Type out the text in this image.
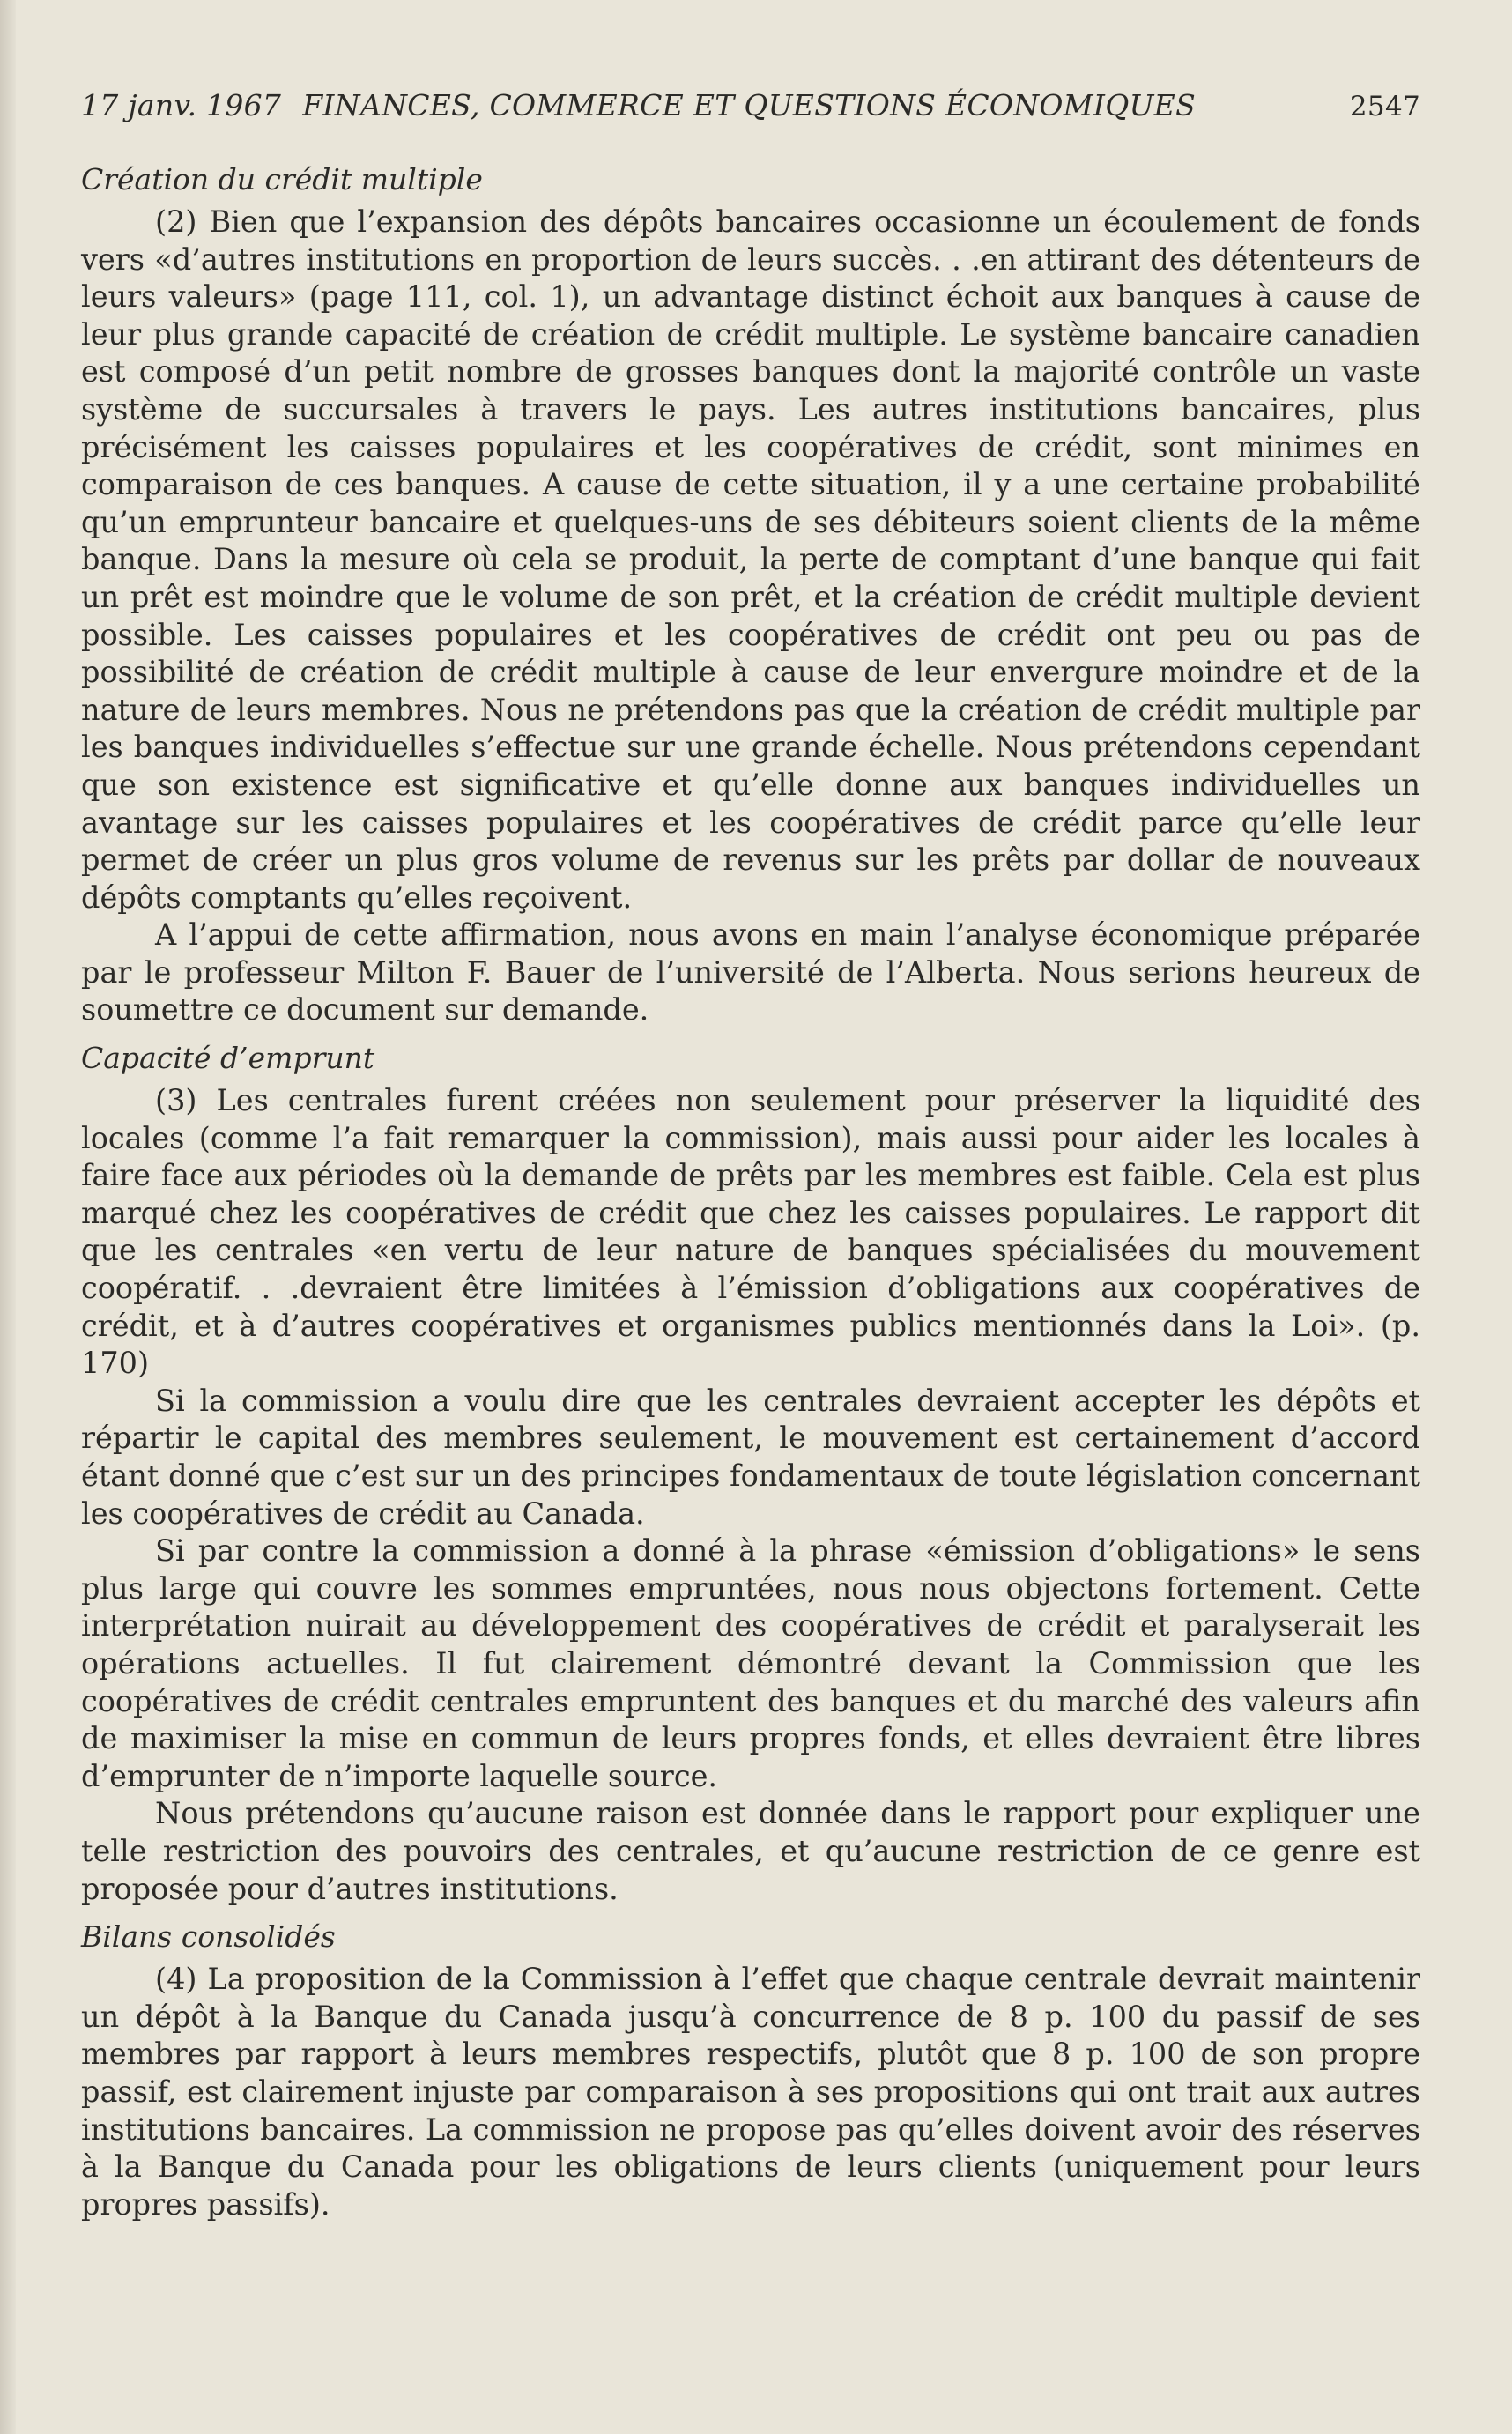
17 janv. 1967 FINANCES, COMMERCE ET QUESTIONS ÉCONOMIQUES	2547
Création du crédit multiple

(2) Bien que l’expansion des dépôts bancaires occasionne un écoulement de fonds vers «d’autres institutions en proportion de leurs succès. . .en attirant des détenteurs de leurs valeurs» (page 111, col. 1), un advantage distinct échoit aux banques à cause de leur plus grande capacité de création de crédit multiple. Le système bancaire canadien est composé d’un petit nombre de grosses banques dont la majorité contrôle un vaste système de succursales à travers le pays. Les autres institutions bancaires, plus précisément les caisses populaires et les coopératives de crédit, sont minimes en comparaison de ces banques. A cause de cette situation, il y a une certaine probabilité qu’un emprunteur bancaire et quelques-uns de ses débiteurs soient clients de la même banque. Dans la mesure où cela se produit, la perte de comptant d’une banque qui fait un prêt est moindre que le volume de son prêt, et la création de crédit multiple devient possible. Les caisses populaires et les coopératives de crédit ont peu ou pas de possibilité de création de crédit multiple à cause de leur envergure moindre et de la nature de leurs membres. Nous ne prétendons pas que la création de crédit multiple par les banques individuelles s’effectue sur une grande échelle. Nous prétendons cependant que son existence est significative et qu’elle donne aux banques individuelles un avantage sur les caisses populaires et les coopératives de crédit parce qu’elle leur permet de créer un plus gros volume de revenus sur les prêts par dollar de nouveaux dépôts comptants qu’elles reçoivent.

A l’appui de cette affirmation, nous avons en main l’analyse économique préparée par le professeur Milton F. Bauer de l’université de l’Alberta. Nous serions heureux de soumettre ce document sur demande.

Capacité d’emprunt

(3) Les centrales furent créées non seulement pour préserver la liquidité des locales (comme l’a fait remarquer la commission), mais aussi pour aider les locales à faire face aux périodes où la demande de prêts par les membres est faible. Cela est plus marqué chez les coopératives de crédit que chez les caisses populaires. Le rapport dit que les centrales «en vertu de leur nature de banques spécialisées du mouvement coopératif. . .devraient être limitées à l’émission d’obligations aux coopératives de crédit, et à d’autres coopératives et organismes publics mentionnés dans la Loi». (p. 170)

Si la commission a voulu dire que les centrales devraient accepter les dépôts et répartir le capital des membres seulement, le mouvement est certainement d’accord étant donné que c’est sur un des principes fondamentaux de toute législation concernant les coopératives de crédit au Canada.

Si par contre la commission a donné à la phrase «émission d’obligations» le sens plus large qui couvre les sommes empruntées, nous nous objectons fortement. Cette interprétation nuirait au développement des coopératives de crédit et paralyserait les opérations actuelles. Il fut clairement démontré devant la Commission que les coopératives de crédit centrales empruntent des banques et du marché des valeurs afin de maximiser la mise en commun de leurs propres fonds, et elles devraient être libres d’emprunter de n’importe laquelle source.

Nous prétendons qu’aucune raison est donnée dans le rapport pour expliquer une telle restriction des pouvoirs des centrales, et qu’aucune restriction de ce genre est proposée pour d’autres institutions.

Bilans consolidés

(4) La proposition de la Commission à l’effet que chaque centrale devrait maintenir un dépôt à la Banque du Canada jusqu’à concurrence de 8 p. 100 du passif de ses membres par rapport à leurs membres respectifs, plutôt que 8 p. 100 de son propre passif, est clairement injuste par comparaison à ses propositions qui ont trait aux autres institutions bancaires. La commission ne propose pas qu’elles doivent avoir des réserves à la Banque du Canada pour les obligations de leurs clients (uniquement pour leurs propres passifs).
